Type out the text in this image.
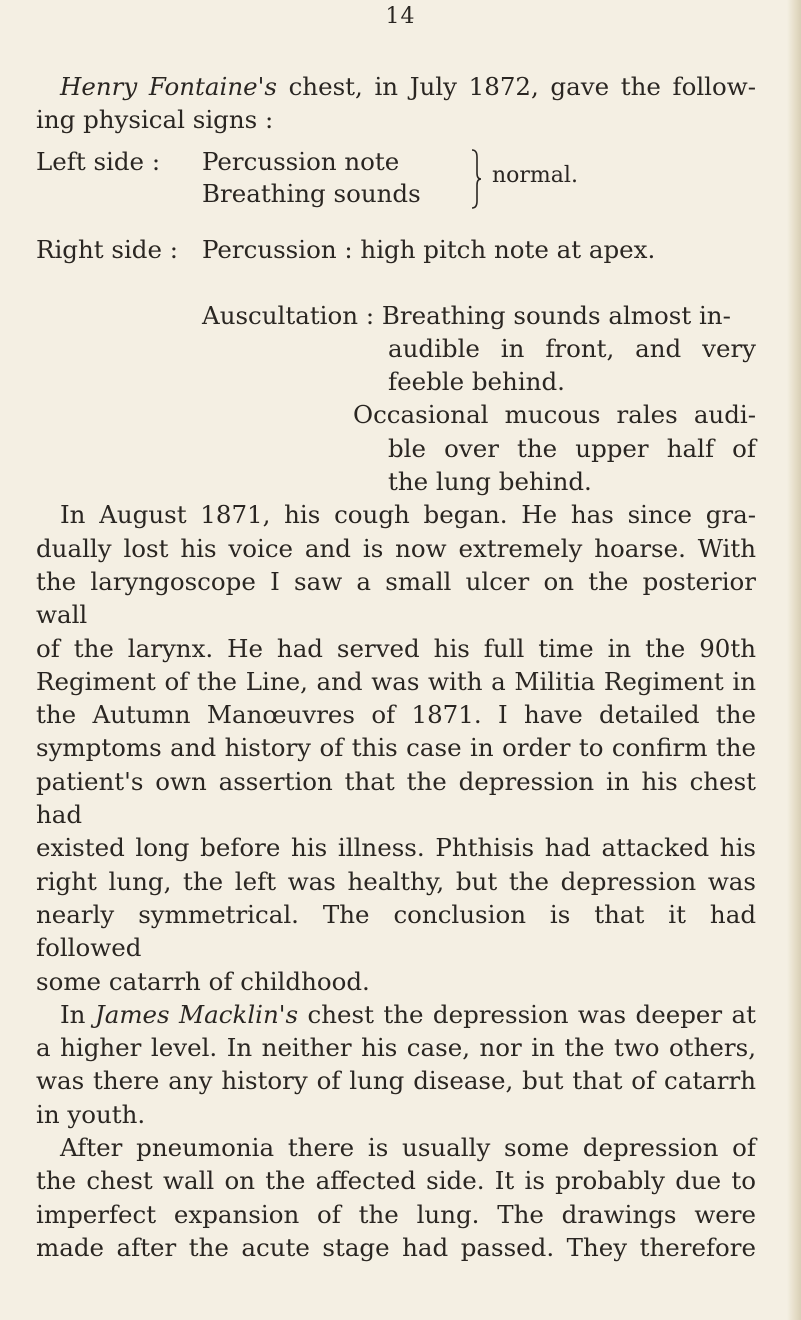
14
Henry Fontaine's chest, in July 1872, gave the follow-
ing physical signs :
Left side : Percussion note
Breathing sounds
normal.
Right side : Percussion : high pitch note at apex.
Auscultation : Breathing sounds almost in-
audible in front, and very
feeble behind.
Occasional mucous rales audi-
ble over the upper half of
the lung behind.
In August 1871, his cough began. He has since gra-
dually lost his voice and is now extremely hoarse. With
the laryngoscope I saw a small ulcer on the posterior wall
of the larynx. He had served his full time in the 90th
Regiment of the Line, and was with a Militia Regiment in
the Autumn Manœuvres of 1871. I have detailed the
symptoms and history of this case in order to confirm the
patient's own assertion that the depression in his chest had
existed long before his illness. Phthisis had attacked his
right lung, the left was healthy, but the depression was
nearly symmetrical. The conclusion is that it had followed
some catarrh of childhood.
In James Macklin's chest the depression was deeper at
a higher level. In neither his case, nor in the two others,
was there any history of lung disease, but that of catarrh
in youth.
After pneumonia there is usually some depression of
the chest wall on the affected side. It is probably due to
imperfect expansion of the lung. The drawings were
made after the acute stage had passed. They therefore
